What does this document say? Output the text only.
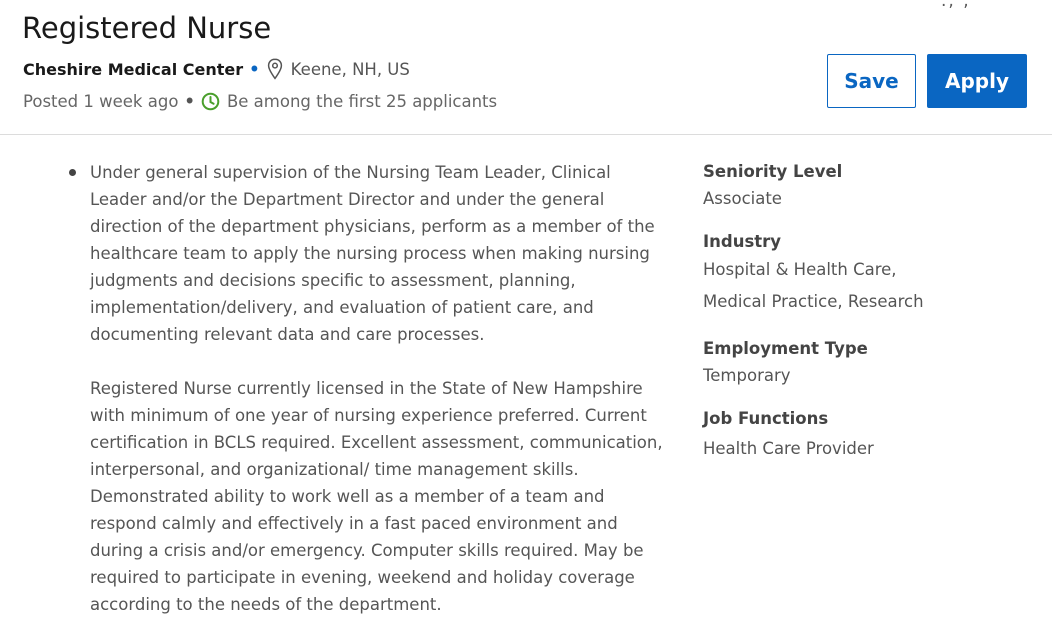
., ,
Registered Nurse
Cheshire Medical Center • Keene, NH, US
Posted 1 week ago • Be among the first 25 applicants
Save	Apply

Under general supervision of the Nursing Team Leader, Clinical
Leader and/or the Department Director and under the general
direction of the department physicians, perform as a member of the
healthcare team to apply the nursing process when making nursing
judgments and decisions specific to assessment, planning,
implementation/delivery, and evaluation of patient care, and
documenting relevant data and care processes.

Registered Nurse currently licensed in the State of New Hampshire
with minimum of one year of nursing experience preferred. Current
certification in BCLS required. Excellent assessment, communication,
interpersonal, and organizational/ time management skills.
Demonstrated ability to work well as a member of a team and
respond calmly and effectively in a fast paced environment and
during a crisis and/or emergency. Computer skills required. May be
required to participate in evening, weekend and holiday coverage
according to the needs of the department.

Seniority Level
Associate
Industry
Hospital & Health Care,
Medical Practice, Research
Employment Type
Temporary
Job Functions
Health Care Provider
